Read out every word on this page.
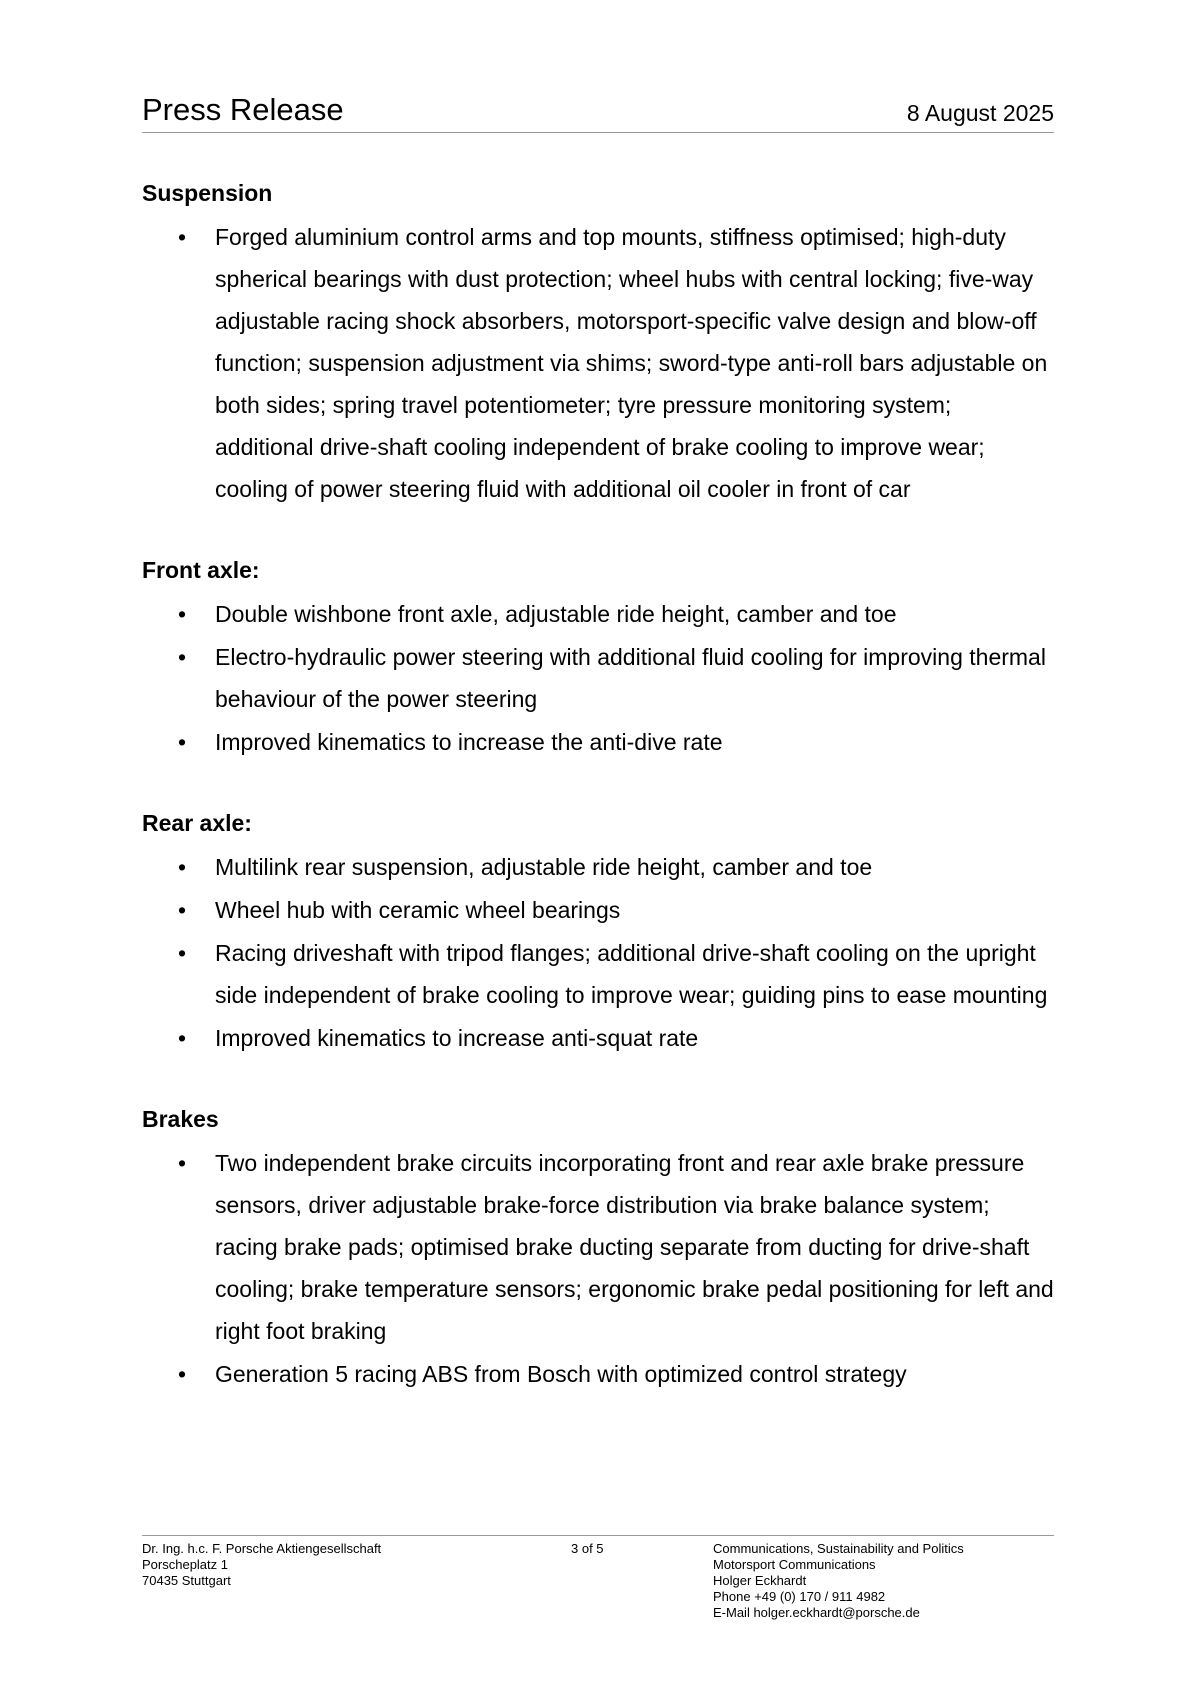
Press Release	8 August 2025
Suspension
• Forged aluminium control arms and top mounts, stiffness optimised; high-duty spherical bearings with dust protection; wheel hubs with central locking; five-way adjustable racing shock absorbers, motorsport-specific valve design and blow-off function; suspension adjustment via shims; sword-type anti-roll bars adjustable on both sides; spring travel potentiometer; tyre pressure monitoring system; additional drive-shaft cooling independent of brake cooling to improve wear; cooling of power steering fluid with additional oil cooler in front of car
Front axle:
• Double wishbone front axle, adjustable ride height, camber and toe
• Electro-hydraulic power steering with additional fluid cooling for improving thermal behaviour of the power steering
• Improved kinematics to increase the anti-dive rate
Rear axle:
• Multilink rear suspension, adjustable ride height, camber and toe
• Wheel hub with ceramic wheel bearings
• Racing driveshaft with tripod flanges; additional drive-shaft cooling on the upright side independent of brake cooling to improve wear; guiding pins to ease mounting
• Improved kinematics to increase anti-squat rate
Brakes
• Two independent brake circuits incorporating front and rear axle brake pressure sensors, driver adjustable brake-force distribution via brake balance system; racing brake pads; optimised brake ducting separate from ducting for drive-shaft cooling; brake temperature sensors; ergonomic brake pedal positioning for left and right foot braking
• Generation 5 racing ABS from Bosch with optimized control strategy
Dr. Ing. h.c. F. Porsche Aktiengesellschaft
Porscheplatz 1
70435 Stuttgart
3 of 5	Communications, Sustainability and Politics
Motorsport Communications
Holger Eckhardt
Phone +49 (0) 170 / 911 4982
E-Mail holger.eckhardt@porsche.de
